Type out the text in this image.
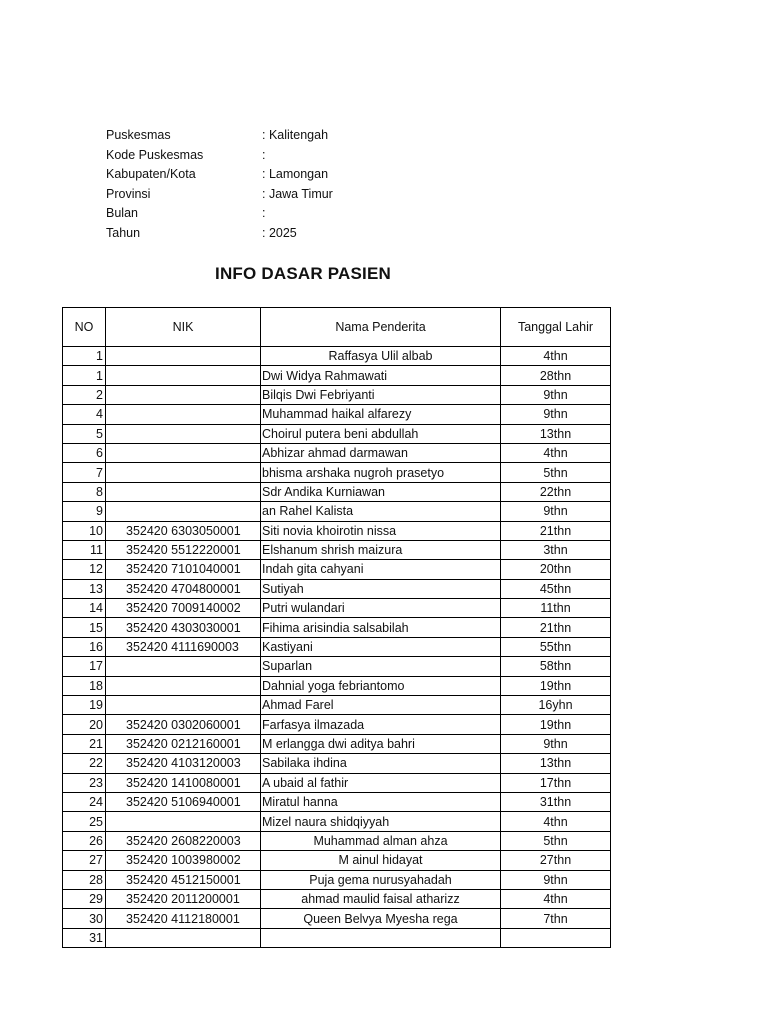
Puskesmas	: Kalitengah
Kode Puskesmas	:
Kabupaten/Kota	: Lamongan
Provinsi	: Jawa Timur
Bulan	:
Tahun	: 2025
INFO DASAR PASIEN
NO	NIK	Nama Penderita	Tanggal Lahir
1		Raffasya Ulil albab	4thn
1		Dwi Widya Rahmawati	28thn
2		Bilqis Dwi Febriyanti	9thn
4		Muhammad haikal alfarezy	9thn
5		Choirul putera beni abdullah	13thn
6		Abhizar ahmad darmawan	4thn
7		bhisma arshaka nugroh prasetyo	5thn
8		Sdr Andika Kurniawan	22thn
9		an Rahel Kalista	9thn
10	352420 6303050001	Siti novia khoirotin nissa	21thn
11	352420 5512220001	Elshanum shrish maizura	3thn
12	352420 7101040001	Indah gita cahyani	20thn
13	352420 4704800001	Sutiyah	45thn
14	352420 7009140002	Putri wulandari	11thn
15	352420 4303030001	Fihima arisindia salsabilah	21thn
16	352420 4111690003	Kastiyani	55thn
17		Suparlan	58thn
18		Dahnial yoga febriantomo	19thn
19		Ahmad Farel	16yhn
20	352420 0302060001	Farfasya ilmazada	19thn
21	352420 0212160001	M erlangga dwi aditya bahri	9thn
22	352420 4103120003	Sabilaka ihdina	13thn
23	352420 1410080001	A ubaid al fathir	17thn
24	352420 5106940001	Miratul hanna	31thn
25		Mizel naura shidqiyyah	4thn
26	352420 2608220003	Muhammad alman ahza	5thn
27	352420 1003980002	M ainul hidayat	27thn
28	352420 4512150001	Puja gema nurusyahadah	9thn
29	352420 2011200001	ahmad maulid faisal atharizz	4thn
30	352420 4112180001	Queen Belvya Myesha rega	7thn
31			
